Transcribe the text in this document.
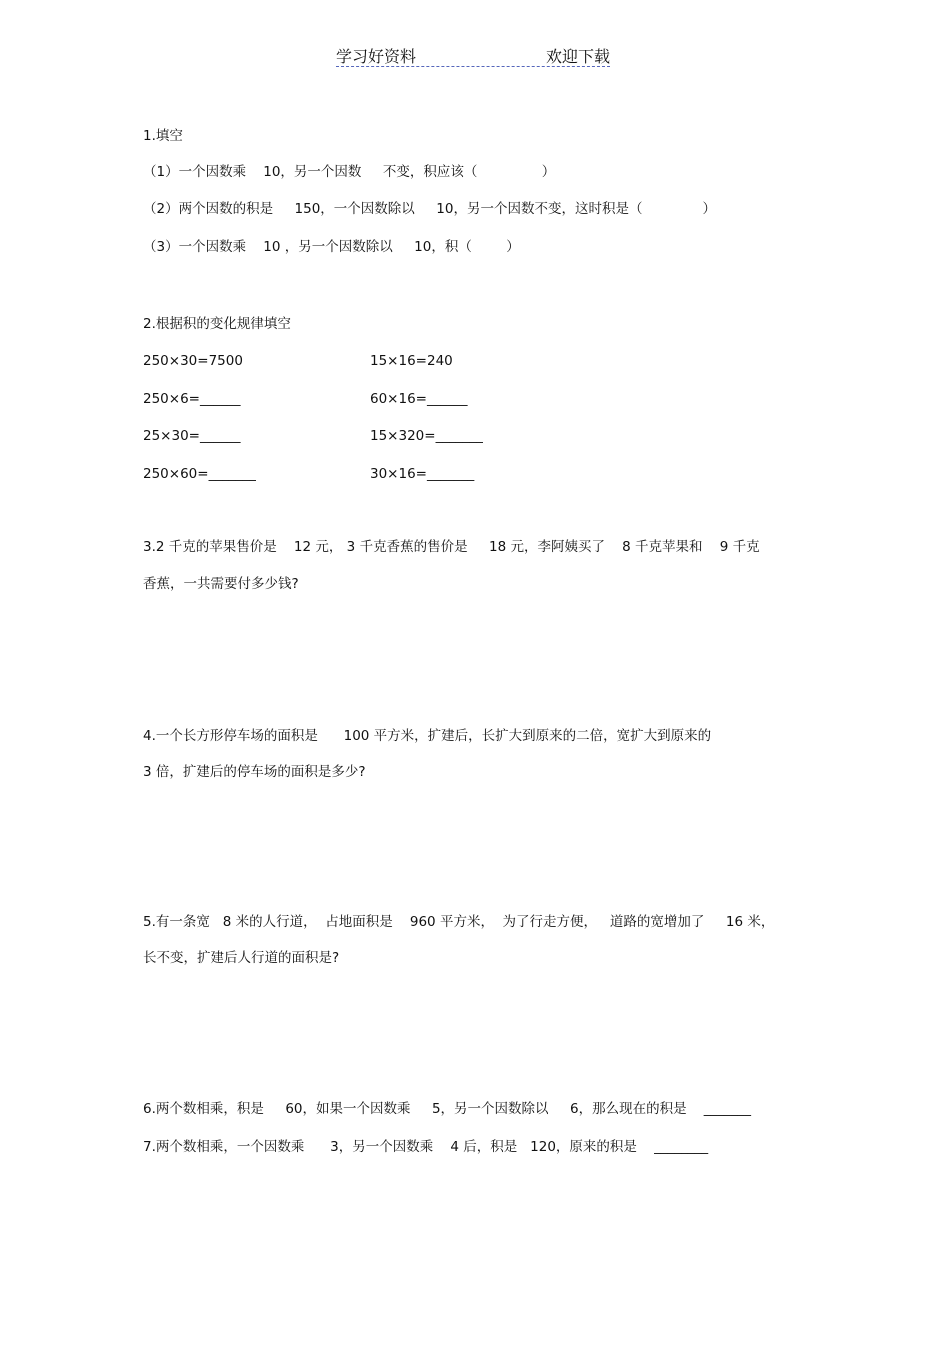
学习好资料	欢迎下载
1.填空
（1）一个因数乘    10，另一个因数     不变，积应该（               ）
（2）两个因数的积是     150，一个因数除以     10，另一个因数不变，这时积是（              ）
（3）一个因数乘    10 ，另一个因数除以     10，积（        ）
2.根据积的变化规律填空
250×30=7500	15×16=240
250×6=______	60×16=______
25×30=______	15×320=_______
250×60=_______	30×16=_______
3.2 千克的苹果售价是    12 元， 3 千克香蕉的售价是     18 元，李阿姨买了    8 千克苹果和    9 千克
香蕉，一共需要付多少钱?
4.一个长方形停车场的面积是      100 平方米，扩建后，长扩大到原来的二倍，宽扩大到原来的
3 倍，扩建后的停车场的面积是多少?
5.有一条宽   8 米的人行道，  占地面积是    960 平方米，  为了行走方便，   道路的宽增加了     16 米，
长不变，扩建后人行道的面积是?
6.两个数相乘，积是     60，如果一个因数乘     5，另一个因数除以     6，那么现在的积是    _______
7.两个数相乘，一个因数乘      3，另一个因数乘    4 后，积是   120，原来的积是    ________
